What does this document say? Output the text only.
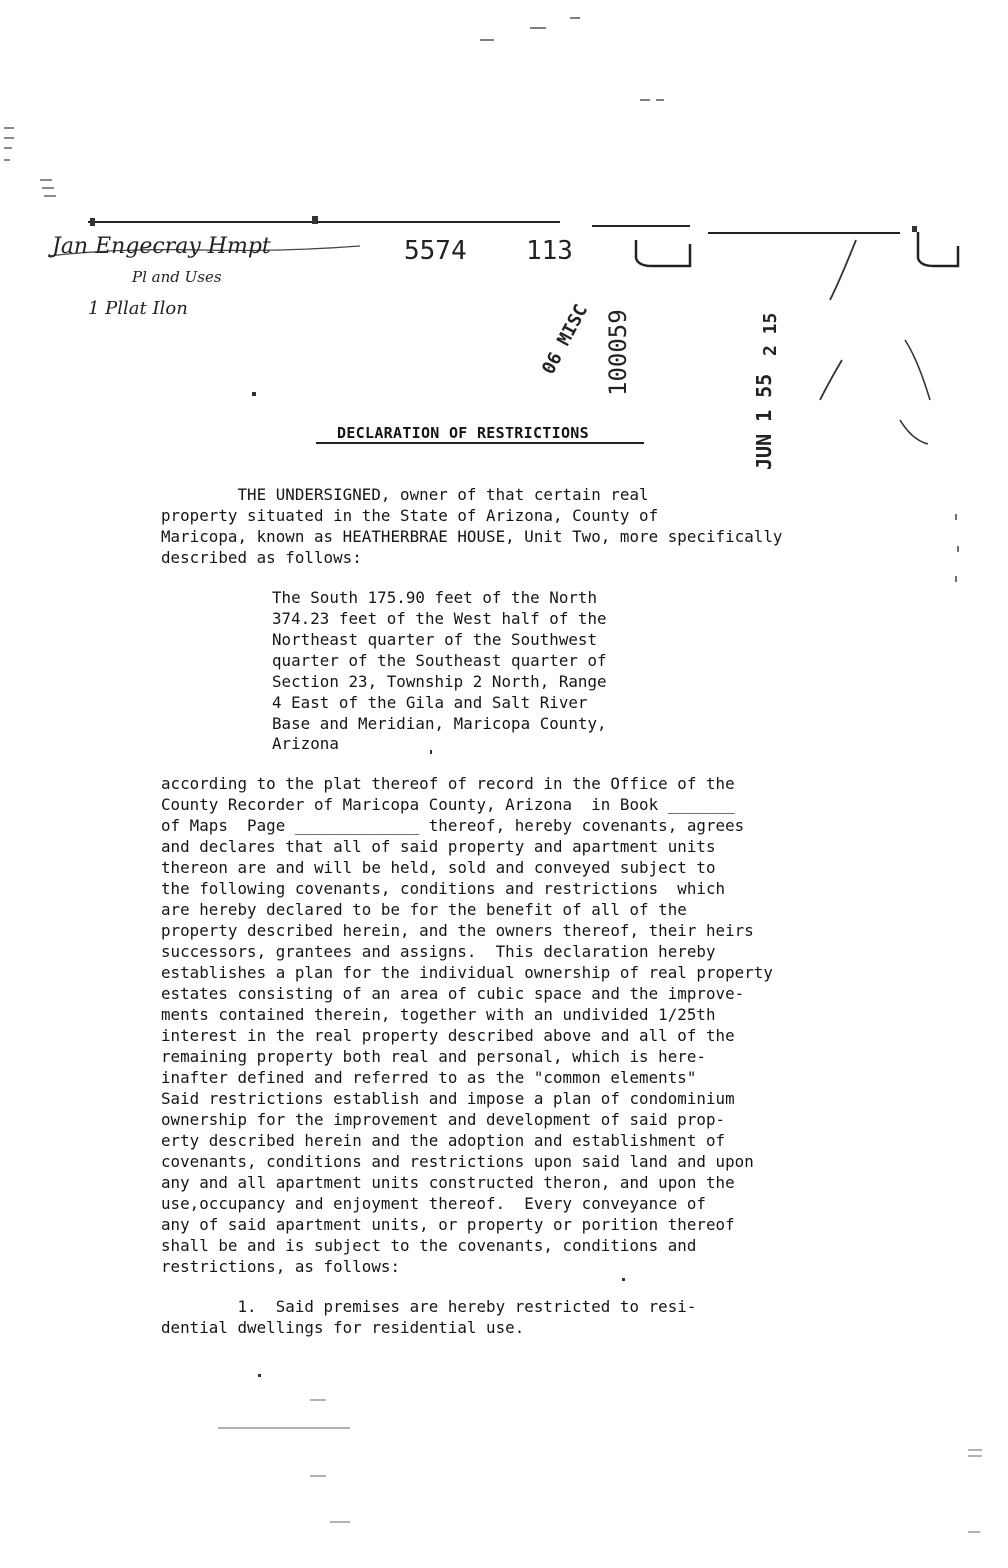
Jan Engecray Hmpt
Pl and Uses
1 Pllat Ilon
5574 113
06 MISC 100059
JUN 1 55
2 15
DECLARATION OF RESTRICTIONS
THE UNDERSIGNED, owner of that certain real
property situated in the State of Arizona, County of
Maricopa, known as HEATHERBRAE HOUSE, Unit Two, more specifically
described as follows:
The South 175.90 feet of the North
374.23 feet of the West half of the
Northeast quarter of the Southwest
quarter of the Southeast quarter of
Section 23, Township 2 North, Range
4 East of the Gila and Salt River
Base and Meridian, Maricopa County,
Arizona
according to the plat thereof of record in the Office of the
County Recorder of Maricopa County, Arizona  in Book _______
of Maps  Page _____________ thereof, hereby covenants, agrees
and declares that all of said property and apartment units
thereon are and will be held, sold and conveyed subject to
the following covenants, conditions and restrictions  which
are hereby declared to be for the benefit of all of the
property described herein, and the owners thereof, their heirs
successors, grantees and assigns.  This declaration hereby
establishes a plan for the individual ownership of real property
estates consisting of an area of cubic space and the improve-
ments contained therein, together with an undivided 1/25th
interest in the real property described above and all of the
remaining property both real and personal, which is here-
inafter defined and referred to as the "common elements"
Said restrictions establish and impose a plan of condominium
ownership for the improvement and development of said prop-
erty described herein and the adoption and establishment of
covenants, conditions and restrictions upon said land and upon
any and all apartment units constructed theron, and upon the
use,occupancy and enjoyment thereof.  Every conveyance of
any of said apartment units, or property or porition thereof
shall be and is subject to the covenants, conditions and
restrictions, as follows:
1.  Said premises are hereby restricted to resi-
dential dwellings for residential use.
